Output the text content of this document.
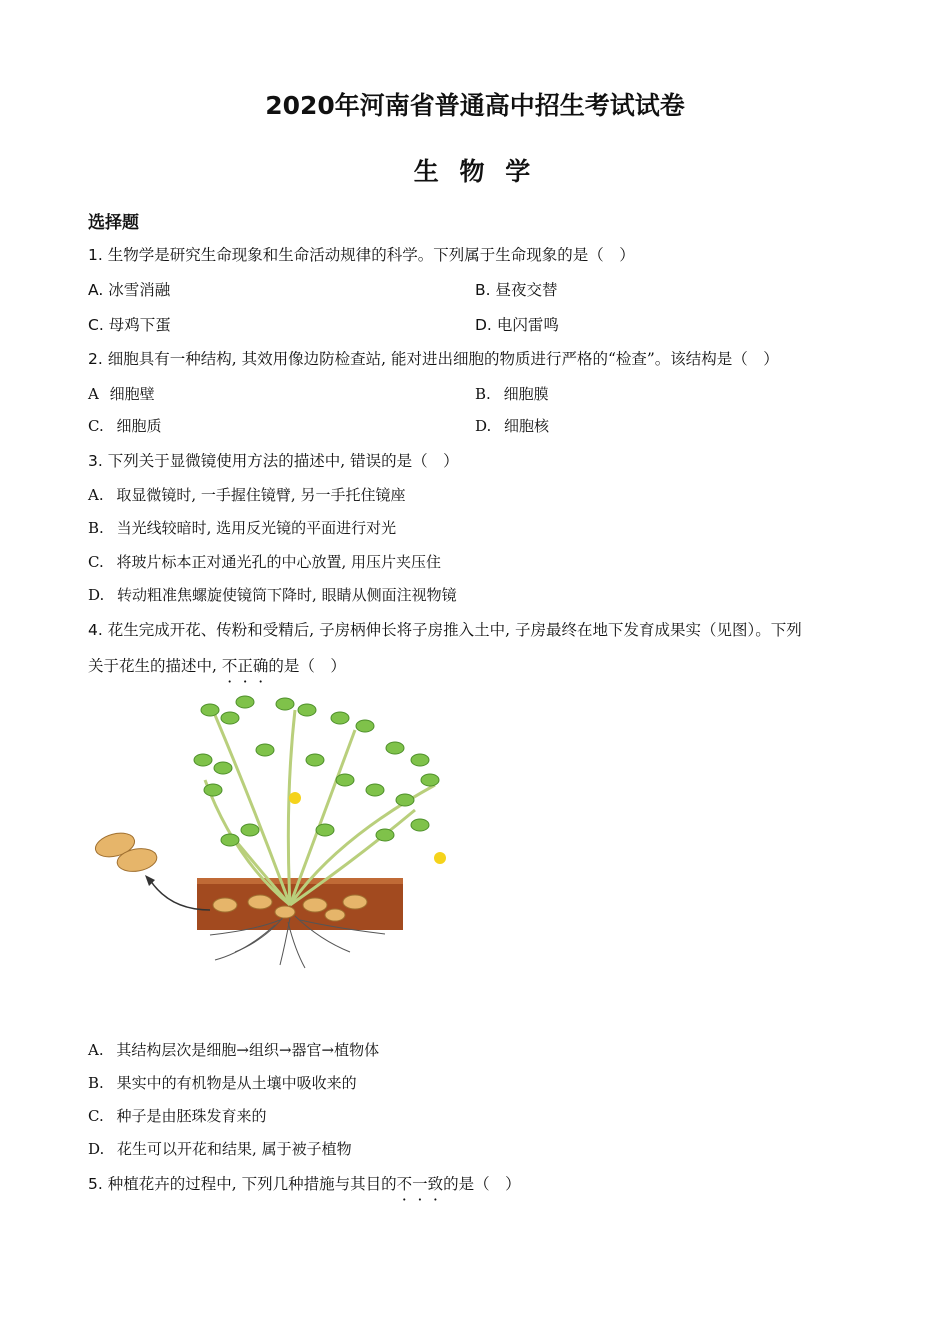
2020年河南省普通高中招生考试试卷
生 物 学
选择题
1. 生物学是研究生命现象和生命活动规律的科学。下列属于生命现象的是（　）
A. 冰雪消融	B. 昼夜交替
C. 母鸡下蛋	D. 电闪雷鸣
2. 细胞具有一种结构, 其效用像边防检查站, 能对进出细胞的物质进行严格的“检查”。该结构是（　）
A 细胞壁	B. 细胞膜
C. 细胞质	D. 细胞核
3. 下列关于显微镜使用方法的描述中, 错误的是（　）
A. 取显微镜时, 一手握住镜臂, 另一手托住镜座
B. 当光线较暗时, 选用反光镜的平面进行对光
C. 将玻片标本正对通光孔的中心放置, 用压片夹压住
D. 转动粗准焦螺旋使镜筒下降时, 眼睛从侧面注视物镜
4. 花生完成开花、传粉和受精后, 子房柄伸长将子房推入土中, 子房最终在地下发育成果实（见图）。下列
关于花生的描述中, 不正确的是（　）
A. 其结构层次是细胞→组织→器官→植物体
B. 果实中的有机物是从土壤中吸收来的
C. 种子是由胚珠发育来的
D. 花生可以开花和结果, 属于被子植物
5. 种植花卉的过程中, 下列几种措施与其目的不一致的是（　）
